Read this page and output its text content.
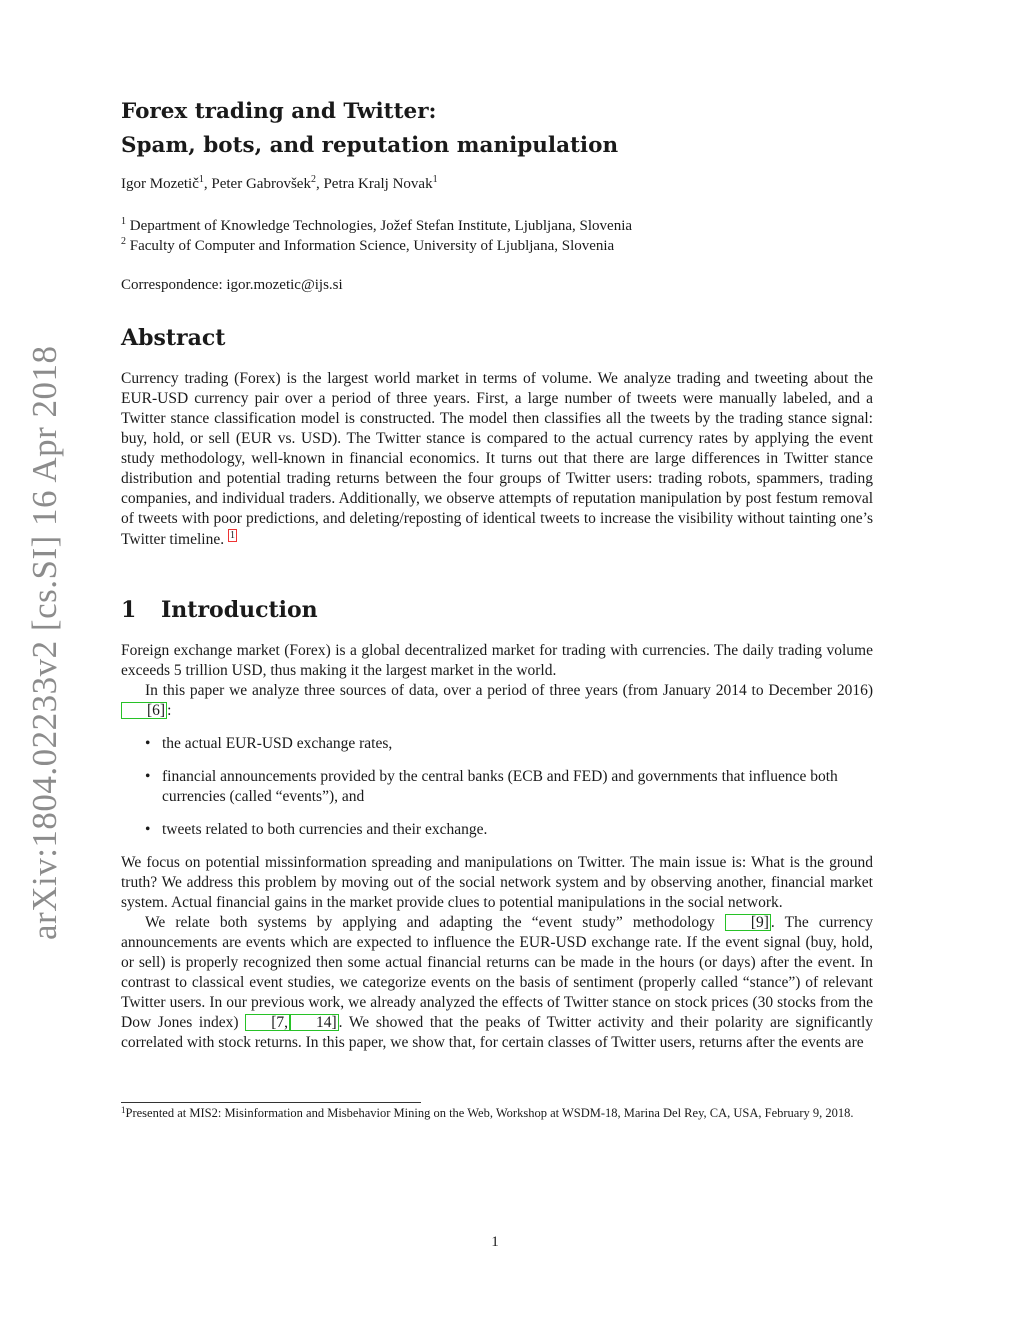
arXiv:1804.02233v2 [cs.SI] 16 Apr 2018
Forex trading and Twitter:
Spam, bots, and reputation manipulation
Igor Mozetič$^1$, Peter Gabrovšek$^2$, Petra Kralj Novak$^1$
$^1$ Department of Knowledge Technologies, Jožef Stefan Institute, Ljubljana, Slovenia
$^2$ Faculty of Computer and Information Science, University of Ljubljana, Slovenia
Correspondence: igor.mozetic@ijs.si
Abstract
Currency trading (Forex) is the largest world market in terms of volume. We analyze trading and tweeting about the EUR-USD currency pair over a period of three years. First, a large number of tweets were manually labeled, and a Twitter stance classification model is constructed. The model then classifies all the tweets by the trading stance signal: buy, hold, or sell (EUR vs. USD). The Twitter stance is compared to the actual currency rates by applying the event study methodology, well-known in financial economics. It turns out that there are large differences in Twitter stance distribution and potential trading returns between the four groups of Twitter users: trading robots, spammers, trading companies, and individual traders. Additionally, we observe attempts of reputation manipulation by post festum removal of tweets with poor predictions, and deleting/reposting of identical tweets to increase the visibility without tainting one’s Twitter timeline. 1
1 Introduction

Foreign exchange market (Forex) is a global decentralized market for trading with currencies. The daily trading volume exceeds 5 trillion USD, thus making it the largest market in the world.

In this paper we analyze three sources of data, over a period of three years (from January 2014 to December 2016) [6] :

• the actual EUR-USD exchange rates,
• financial announcements provided by the central banks (ECB and FED) and governments that influence both currencies (called “events”), and
• tweets related to both currencies and their exchange.

We focus on potential missinformation spreading and manipulations on Twitter. The main issue is: What is the ground truth? We address this problem by moving out of the social network system and by observing another, financial market system. Actual financial gains in the market provide clues to potential manipulations in the social network.

We relate both systems by applying and adapting the “event study” methodology [9] . The currency announcements are events which are expected to influence the EUR-USD exchange rate. If the event signal (buy, hold, or sell) is properly recognized then some actual financial returns can be made in the hours (or days) after the event. In contrast to classical event studies, we categorize events on the basis of sentiment (properly called “stance”) of relevant Twitter users. In our previous work, we already analyzed the effects of Twitter stance on stock prices (30 stocks from the Dow Jones index) [7, 14] . We showed that the peaks of Twitter activity and their polarity are significantly correlated with stock returns. In this paper, we show that, for certain classes of Twitter users, returns after the events are

$^1$Presented at MIS2: Misinformation and Misbehavior Mining on the Web, Workshop at WSDM-18, Marina Del Rey, CA, USA, February 9, 2018.
1
